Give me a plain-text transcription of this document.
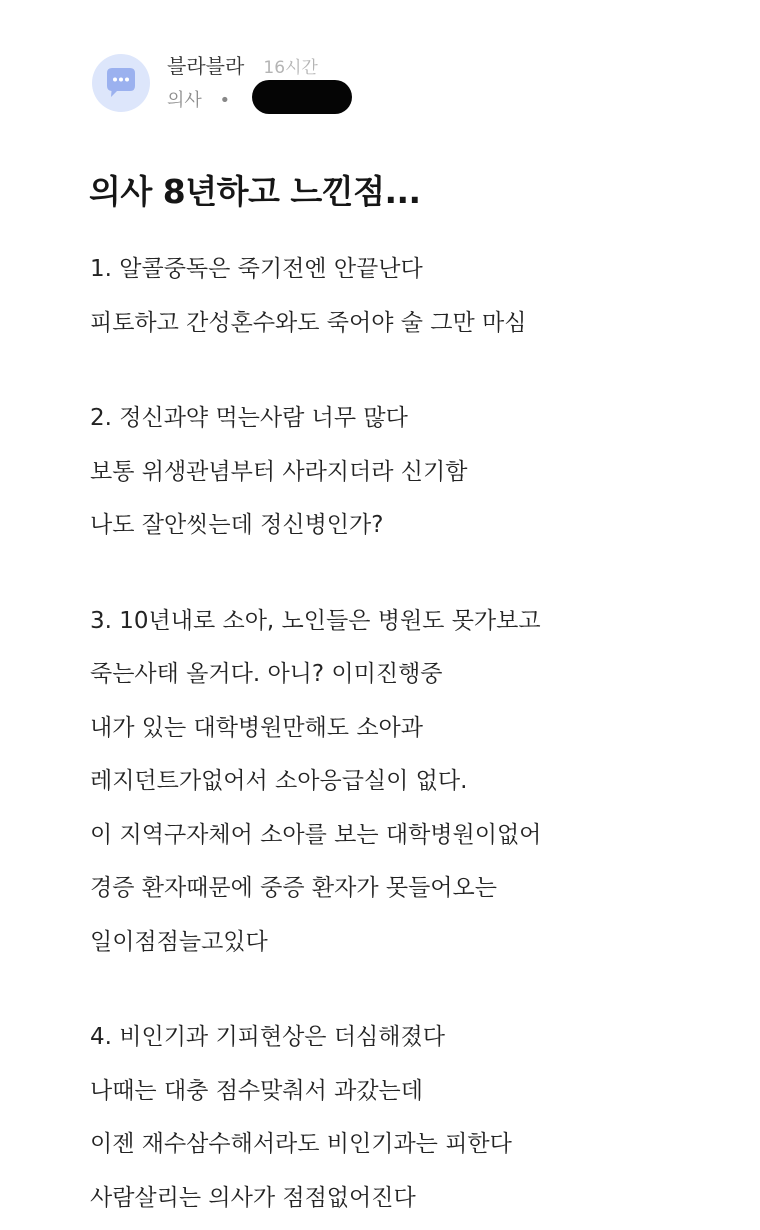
블라블라 16시간
의사 •
의사 8년하고 느낀점...
1. 알콜중독은 죽기전엔 안끝난다
피토하고 간성혼수와도 죽어야 술 그만 마심
2. 정신과약 먹는사람 너무 많다
보통 위생관념부터 사라지더라 신기함
나도 잘안씻는데 정신병인가?
3. 10년내로 소아, 노인들은 병원도 못가보고
죽는사태 올거다. 아니? 이미진행중
내가 있는 대학병원만해도 소아과
레지던트가없어서 소아응급실이 없다.
이 지역구자체어 소아를 보는 대학병원이없어
경증 환자때문에 중증 환자가 못들어오는
일이점점늘고있다
4. 비인기과 기피현상은 더심해졌다
나때는 대충 점수맞춰서 과갔는데
이젠 재수삼수해서라도 비인기과는 피한다
사람살리는 의사가 점점없어진다
